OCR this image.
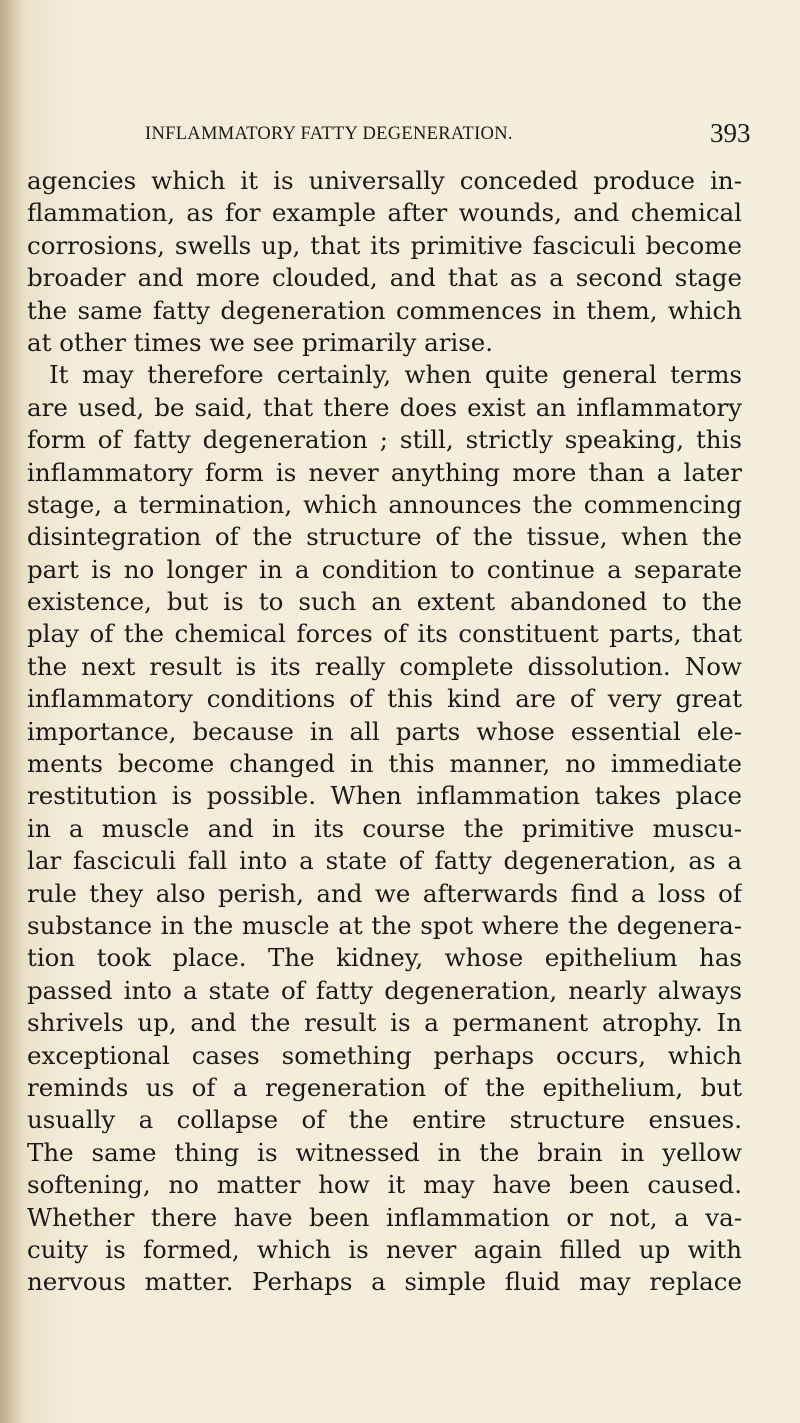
INFLAMMATORY FATTY DEGENERATION.	393
agencies which it is universally conceded produce in-
flammation, as for example after wounds, and chemical
corrosions, swells up, that its primitive fasciculi become
broader and more clouded, and that as a second stage
the same fatty degeneration commences in them, which
at other times we see primarily arise.
It may therefore certainly, when quite general terms
are used, be said, that there does exist an inflammatory
form of fatty degeneration ; still, strictly speaking, this
inflammatory form is never anything more than a later
stage, a termination, which announces the commencing
disintegration of the structure of the tissue, when the
part is no longer in a condition to continue a separate
existence, but is to such an extent abandoned to the
play of the chemical forces of its constituent parts, that
the next result is its really complete dissolution. Now
inflammatory conditions of this kind are of very great
importance, because in all parts whose essential ele-
ments become changed in this manner, no immediate
restitution is possible. When inflammation takes place
in a muscle and in its course the primitive muscu-
lar fasciculi fall into a state of fatty degeneration, as a
rule they also perish, and we afterwards find a loss of
substance in the muscle at the spot where the degenera-
tion took place. The kidney, whose epithelium has
passed into a state of fatty degeneration, nearly always
shrivels up, and the result is a permanent atrophy. In
exceptional cases something perhaps occurs, which
reminds us of a regeneration of the epithelium, but
usually a collapse of the entire structure ensues.
The same thing is witnessed in the brain in yellow
softening, no matter how it may have been caused.
Whether there have been inflammation or not, a va-
cuity is formed, which is never again filled up with
nervous matter. Perhaps a simple fluid may replace
